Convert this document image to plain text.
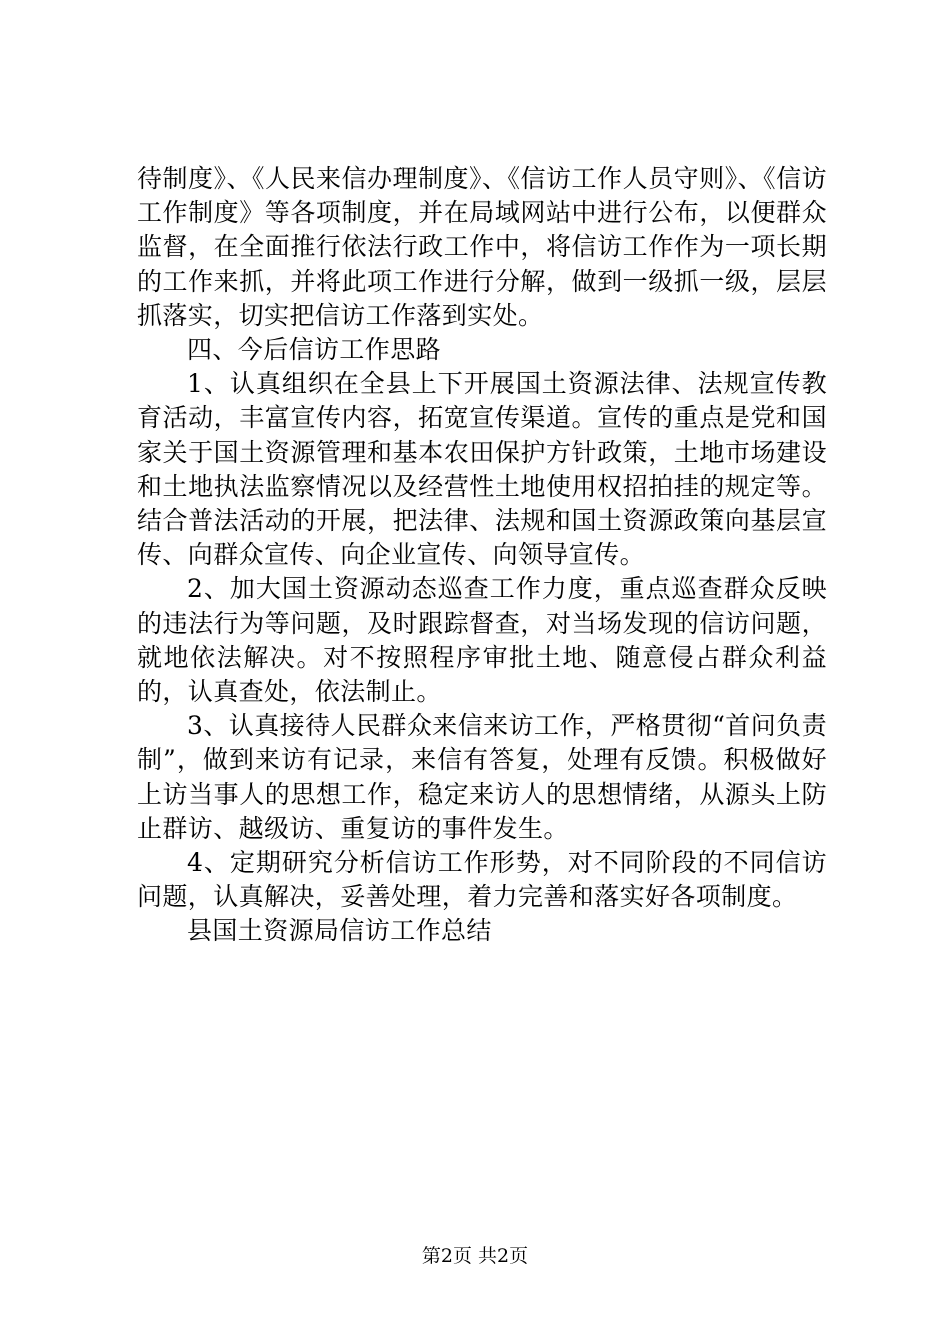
待制度》、《人民来信办理制度》、《信访工作人员守则》、《信访工作制度》等各项制度，并在局域网站中进行公布，以便群众监督，在全面推行依法行政工作中，将信访工作作为一项长期的工作来抓，并将此项工作进行分解，做到一级抓一级，层层抓落实，切实把信访工作落到实处。

四、今后信访工作思路

1、认真组织在全县上下开展国土资源法律、法规宣传教育活动，丰富宣传内容，拓宽宣传渠道。宣传的重点是党和国家关于国土资源管理和基本农田保护方针政策，土地市场建设和土地执法监察情况以及经营性土地使用权招拍挂的规定等。结合普法活动的开展，把法律、法规和国土资源政策向基层宣传、向群众宣传、向企业宣传、向领导宣传。

2、加大国土资源动态巡查工作力度，重点巡查群众反映的违法行为等问题，及时跟踪督查，对当场发现的信访问题，就地依法解决。对不按照程序审批土地、随意侵占群众利益的，认真查处，依法制止。

3、认真接待人民群众来信来访工作，严格贯彻“首问负责制”，做到来访有记录，来信有答复，处理有反馈。积极做好上访当事人的思想工作，稳定来访人的思想情绪，从源头上防止群访、越级访、重复访的事件发生。

4、定期研究分析信访工作形势，对不同阶段的不同信访问题，认真解决，妥善处理，着力完善和落实好各项制度。

县国土资源局信访工作总结

第2页 共2页
